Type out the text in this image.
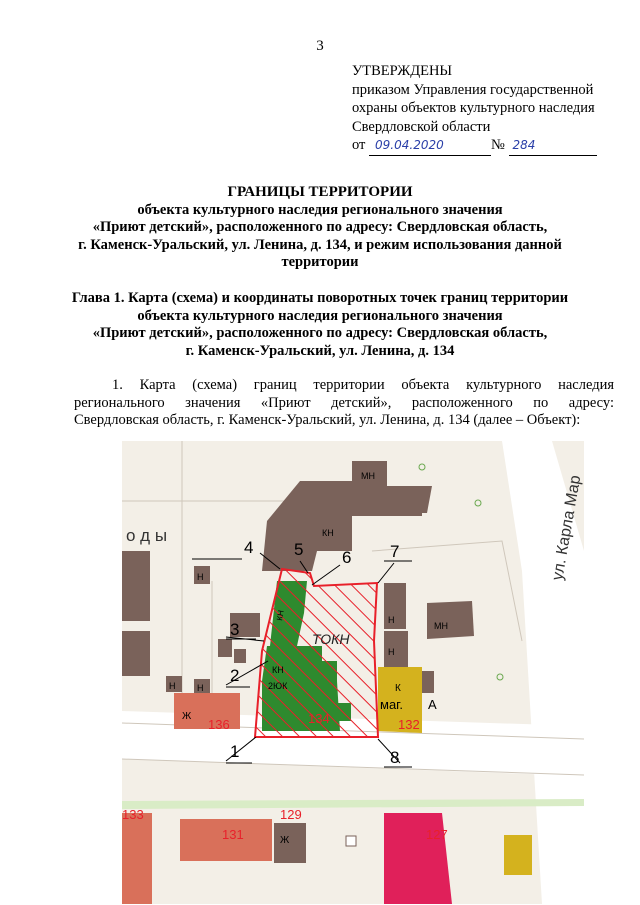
3
УТВЕРЖДЕНЫ
приказом Управления государственной
охраны объектов культурного наследия
Свердловской области
от 09.04.2020	№ 284
ГРАНИЦЫ ТЕРРИТОРИИ
объекта культурного наследия регионального значения
«Приют детский», расположенного по адресу: Свердловская область,
г. Каменск-Уральский, ул. Ленина, д. 134, и режим использования данной
территории
Глава 1. Карта (схема) и координаты поворотных точек границ территории
объекта культурного наследия регионального значения
«Приют детский», расположенного по адресу: Свердловская область,
г. Каменск-Уральский, ул. Ленина, д. 134
1. Карта (схема) границ территории объекта культурного наследия
регионального значения «Приют детский», расположенного по адресу:
Свердловская область, г. Каменск-Уральский, ул. Ленина, д. 134 (далее – Объект):
о д ы	ул. Карла Мар
ТОКН
КН
МН
КН
КН
2ЮК
Н
Н
МН
К
маг.
Н
Н Н
Ж
Ж
А
136	134	132
133
131
129
127
1
2
3
4 5 6 7
8
